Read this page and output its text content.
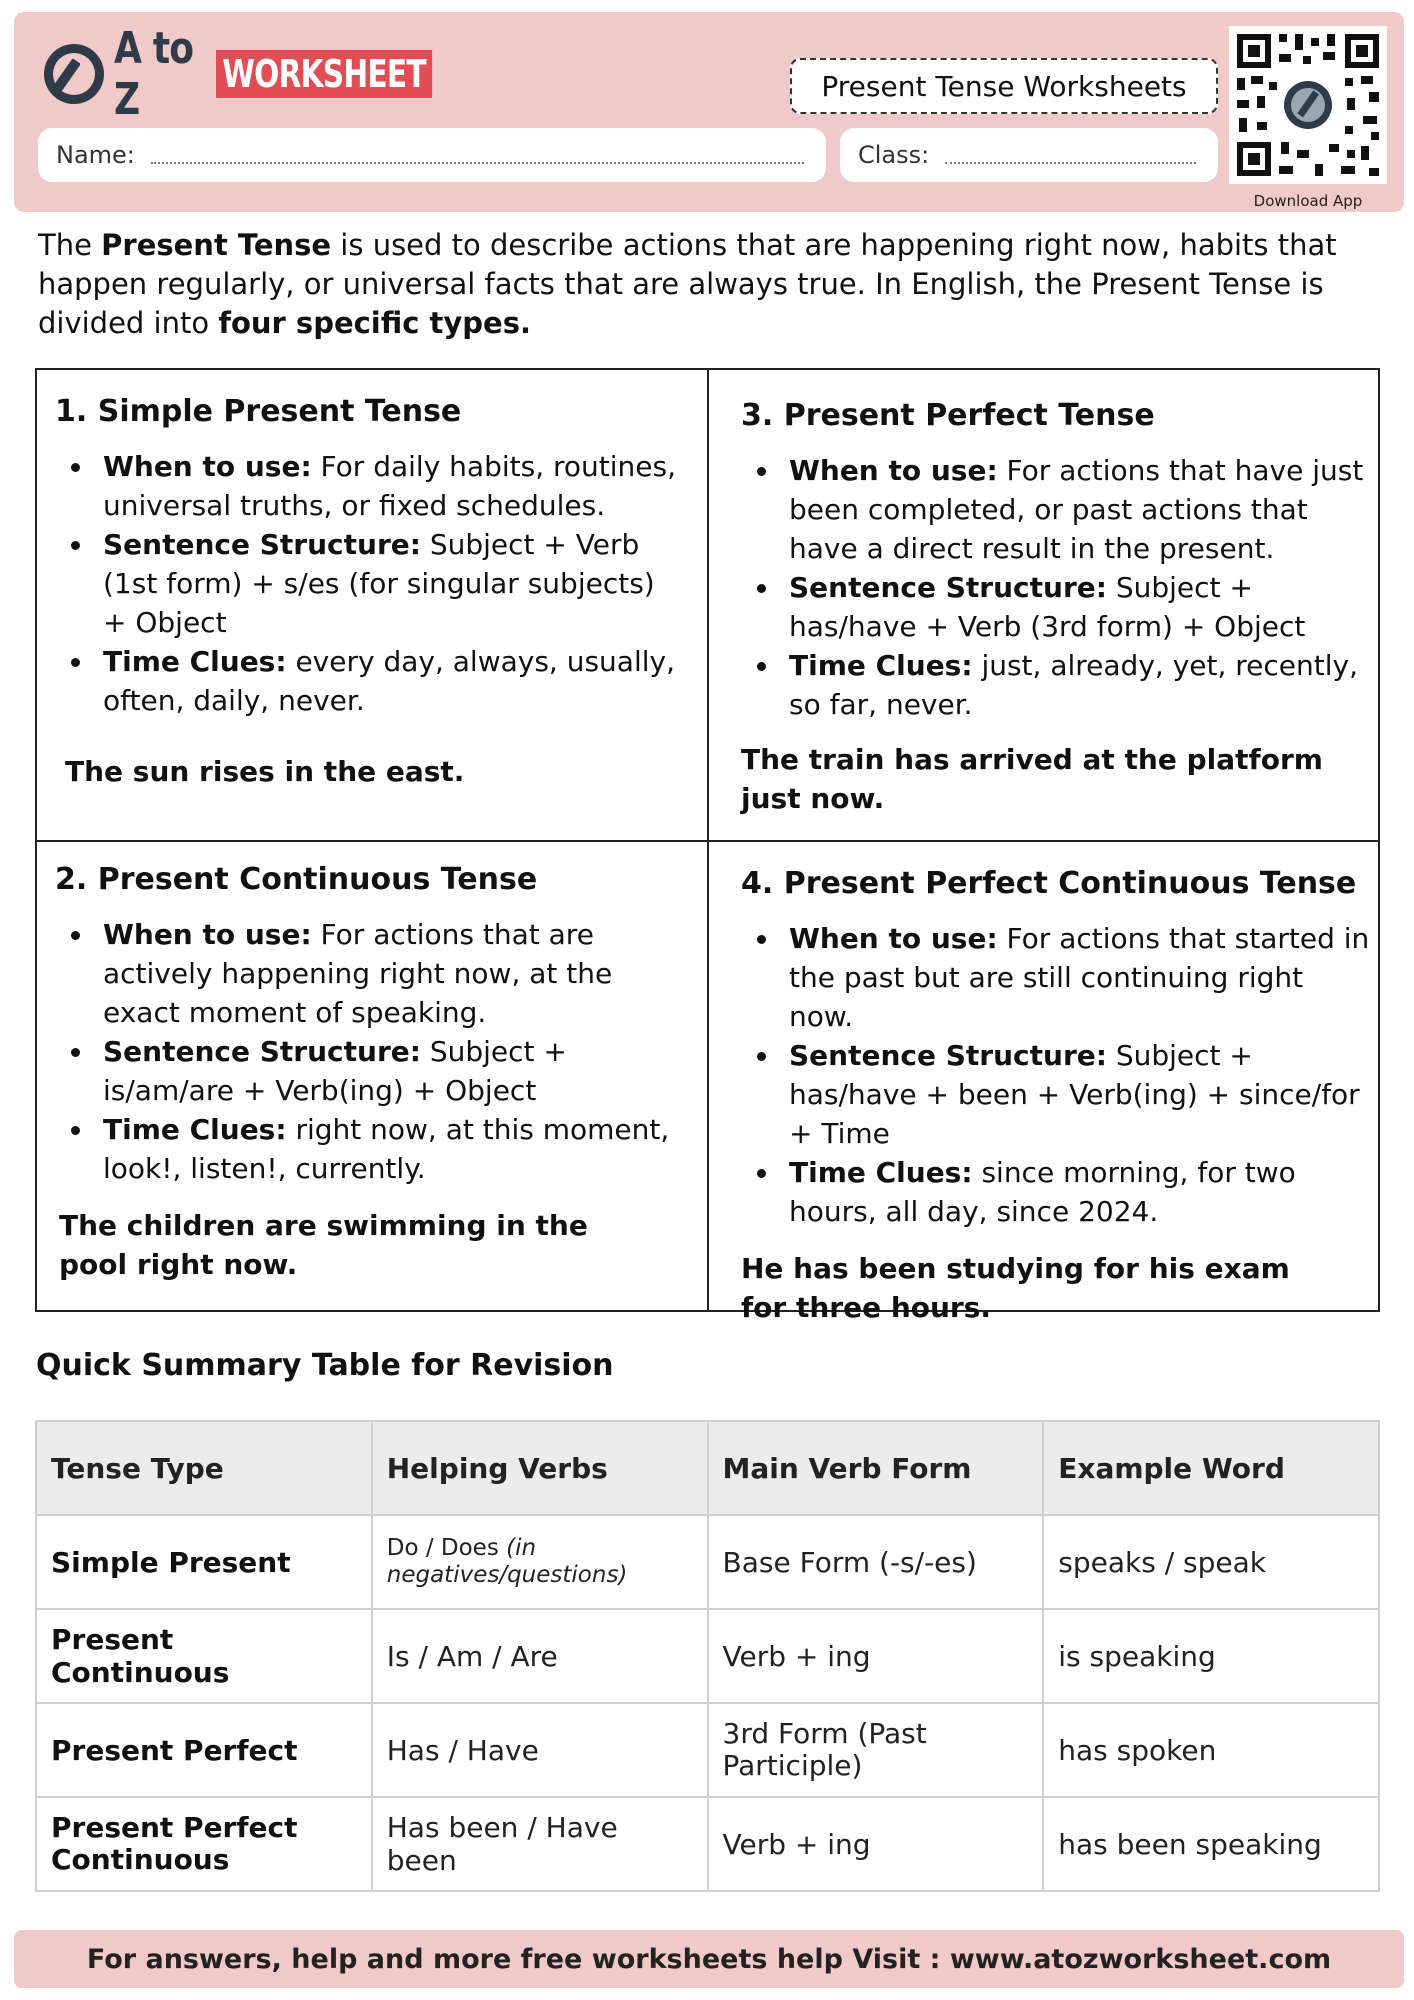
A to Z	WORKSHEET	Present Tense Worksheets
Name:	Class:
Download App

The Present Tense is used to describe actions that are happening right now, habits that happen regularly, or universal facts that are always true. In English, the Present Tense is divided into four specific types.

1. Simple Present Tense
When to use: For daily habits, routines, universal truths, or fixed schedules.
Sentence Structure: Subject + Verb (1st form) + s/es (for singular subjects) + Object
Time Clues: every day, always, usually, often, daily, never.

The sun rises in the east.

2. Present Continuous Tense
When to use: For actions that are actively happening right now, at the exact moment of speaking.
Sentence Structure: Subject + is/am/are + Verb(ing) + Object
Time Clues: right now, at this moment, look!, listen!, currently.

The children are swimming in the pool right now.

3. Present Perfect Tense
When to use: For actions that have just been completed, or past actions that have a direct result in the present.
Sentence Structure: Subject + has/have + Verb (3rd form) + Object
Time Clues: just, already, yet, recently, so far, never.

The train has arrived at the platform just now.

4. Present Perfect Continuous Tense
When to use: For actions that started in the past but are still continuing right now.
Sentence Structure: Subject + has/have + been + Verb(ing) + since/for + Time
Time Clues: since morning, for two hours, all day, since 2024.

He has been studying for his exam for three hours.

Quick Summary Table for Revision
Tense Type	Helping Verbs	Main Verb Form	Example Word
Simple Present	Do / Does (in negatives/questions)	Base Form (-s/-es)	speaks / speak
Present Continuous	Is / Am / Are	Verb + ing	is speaking
Present Perfect	Has / Have	3rd Form (Past Participle)	has spoken
Present Perfect Continuous	Has been / Have been	Verb + ing	has been speaking
For answers, help and more free worksheets help Visit : www.atozworksheet.com
